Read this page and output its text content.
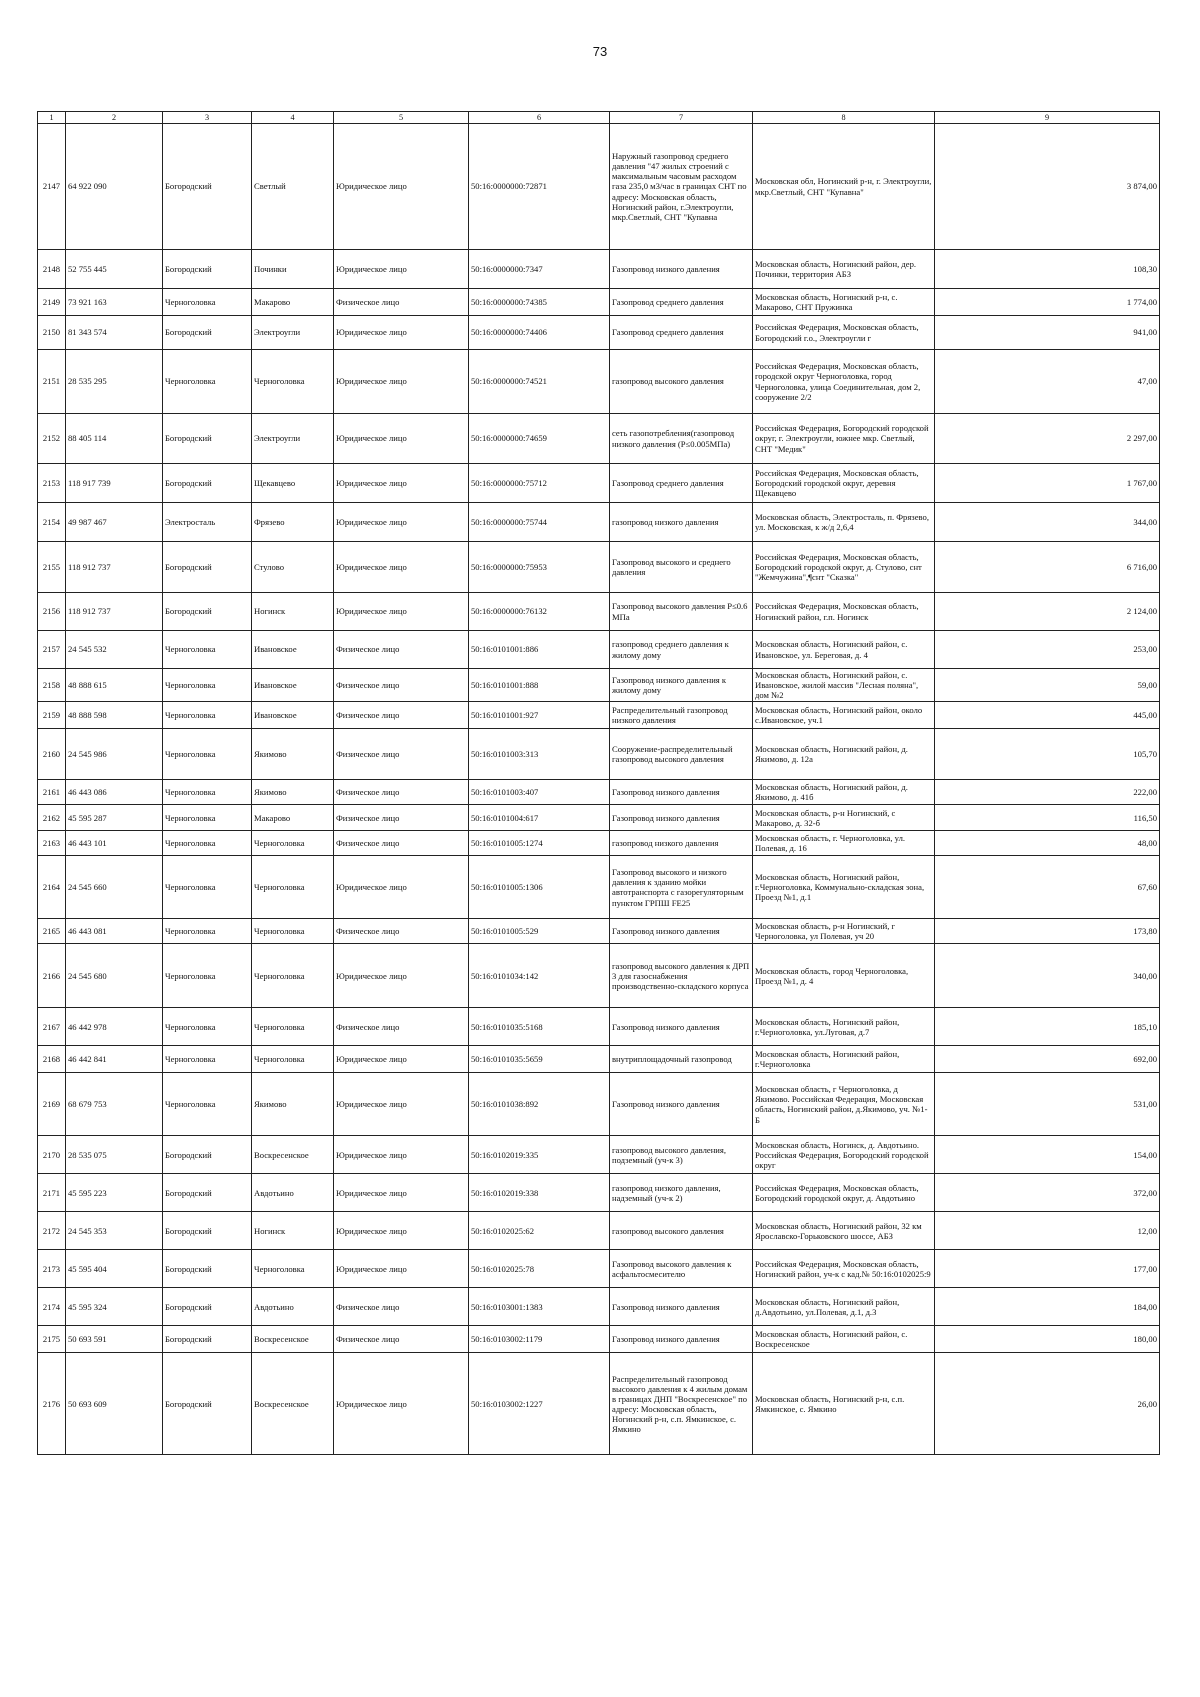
73
1	2	3	4	5	6	7	8	9
2147	64 922 090	Богородский	Светлый	Юридическое лицо	50:16:0000000:72871	Наружный газопровод среднего давления "47 жилых строений с максимальным часовым расходом газа 235,0 м3/час в границах СНТ по адресу: Московская область, Ногинский район, г.Электроугли, мкр.Светлый, СНТ "Купавна	Московская обл, Ногинский р-н, г. Электроугли, мкр.Светлый, СНТ "Купавна"	3 874,00
2148	52 755 445	Богородский	Починки	Юридическое лицо	50:16:0000000:7347	Газопровод низкого давления	Московская область, Ногинский район, дер. Починки, территория АБЗ	108,30
2149	73 921 163	Черноголовка	Макарово	Физическое лицо	50:16:0000000:74385	Газопровод среднего давления	Московская область, Ногинский р-н, с. Макарово, СНТ Пружинка	1 774,00
2150	81 343 574	Богородский	Электроугли	Юридическое лицо	50:16:0000000:74406	Газопровод среднего давления	Российская Федерация, Московская область, Богородский г.о., Электроугли г	941,00
2151	28 535 295	Черноголовка	Черноголовка	Юридическое лицо	50:16:0000000:74521	газопровод высокого давления	Российская Федерация, Московская область, городской округ Черноголовка, город Черноголовка, улица Соединительная, дом 2, сооружение 2/2	47,00
2152	88 405 114	Богородский	Электроугли	Юридическое лицо	50:16:0000000:74659	сеть газопотребления(газопровод низкого давления (P≤0.005МПа)	Российская Федерация, Богородский городской округ, г. Электроугли, южнее мкр. Светлый, СНТ "Медик"	2 297,00
2153	118 917 739	Богородский	Щекавцево	Юридическое лицо	50:16:0000000:75712	Газопровод среднего давления	Российская Федерация, Московская область, Богородский городской округ, деревня Щекавцево	1 767,00
2154	49 987 467	Электросталь	Фрязево	Юридическое лицо	50:16:0000000:75744	газопровод низкого давления	Московская область, Электросталь, п. Фрязево, ул. Московская, к ж/д 2,6,4	344,00
2155	118 912 737	Богородский	Стулово	Юридическое лицо	50:16:0000000:75953	Газопровод высокого и среднего давления	Российская Федерация, Московская область, Богородский городской округ, д. Стулово, снт "Жемчужина",¶снт "Сказка"	6 716,00
2156	118 912 737	Богородский	Ногинск	Юридическое лицо	50:16:0000000:76132	Газопровод высокого давления P≤0.6 МПа	Российская Федерация, Московская область, Ногинский район, г.п. Ногинск	2 124,00
2157	24 545 532	Черноголовка	Ивановское	Физическое лицо	50:16:0101001:886	газопровод среднего давления к жилому дому	Московская область, Ногинский район, с. Ивановское, ул. Береговая, д. 4	253,00
2158	48 888 615	Черноголовка	Ивановское	Физическое лицо	50:16:0101001:888	Газопровод низкого давления к жилому дому	Московская область, Ногинский район, с. Ивановское, жилой массив "Лесная поляна", дом №2	59,00
2159	48 888 598	Черноголовка	Ивановское	Физическое лицо	50:16:0101001:927	Распределительный газопровод низкого давления	Московская область, Ногинский район, около с.Ивановское, уч.1	445,00
2160	24 545 986	Черноголовка	Якимово	Физическое лицо	50:16:0101003:313	Сооружение-распределительный газопровод высокого давления	Московская область, Ногинский район, д. Якимово, д. 12а	105,70
2161	46 443 086	Черноголовка	Якимово	Физическое лицо	50:16:0101003:407	Газопровод низкого давления	Московская область, Ногинский район, д. Якимово, д. 41б	222,00
2162	45 595 287	Черноголовка	Макарово	Физическое лицо	50:16:0101004:617	Газопровод низкого давления	Московская область, р-н Ногинский, с Макарово, д. 32-б	116,50
2163	46 443 101	Черноголовка	Черноголовка	Физическое лицо	50:16:0101005:1274	газопровод низкого давления	Московская область, г. Черноголовка, ул. Полевая, д. 16	48,00
2164	24 545 660	Черноголовка	Черноголовка	Юридическое лицо	50:16:0101005:1306	Газопровод высокого и низкого давления к зданию мойки автотранспорта с газорегуляторным пунктом ГРПШ FE25	Московская область, Ногинский район, г.Черноголовка, Коммунально-складская зона, Проезд №1, д.1	67,60
2165	46 443 081	Черноголовка	Черноголовка	Физическое лицо	50:16:0101005:529	Газопровод низкого давления	Московская область, р-н Ногинский, г Черноголовка, ул Полевая, уч 20	173,80
2166	24 545 680	Черноголовка	Черноголовка	Юридическое лицо	50:16:0101034:142	газопровод высокого давления к ДРП 3 для газоснабжения производственно-складского корпуса	Московская область, город Черноголовка, Проезд №1, д. 4	340,00
2167	46 442 978	Черноголовка	Черноголовка	Физическое лицо	50:16:0101035:5168	Газопровод низкого давления	Московская область, Ногинский район, г.Черноголовка, ул.Луговая, д.7	185,10
2168	46 442 841	Черноголовка	Черноголовка	Юридическое лицо	50:16:0101035:5659	внутриплощадочный газопровод	Московская область, Ногинский район, г.Черноголовка	692,00
2169	68 679 753	Черноголовка	Якимово	Юридическое лицо	50:16:0101038:892	Газопровод низкого давления	Московская область, г Черноголовка, д Якимово. Российская Федерация, Московская область, Ногинский район, д.Якимово, уч. №1-Б	531,00
2170	28 535 075	Богородский	Воскресенское	Юридическое лицо	50:16:0102019:335	газопровод высокого давления, подземный (уч-к 3)	Московская область, Ногинск, д. Авдотьино. Российская Федерация, Богородский городской округ	154,00
2171	45 595 223	Богородский	Авдотьино	Юридическое лицо	50:16:0102019:338	газопровод низкого давления, надземный (уч-к 2)	Российская Федерация, Московская область, Богородский городской округ, д. Авдотьино	372,00
2172	24 545 353	Богородский	Ногинск	Юридическое лицо	50:16:0102025:62	газопровод высокого давления	Московская область, Ногинский район, 32 км Ярославско-Горьковского шоссе, АБЗ	12,00
2173	45 595 404	Богородский	Черноголовка	Юридическое лицо	50:16:0102025:78	Газопровод высокого давления к асфальтосмесителю	Российская Федерация, Московская область, Ногинский район, уч-к с кад.№ 50:16:0102025:9	177,00
2174	45 595 324	Богородский	Авдотьино	Физическое лицо	50:16:0103001:1383	Газопровод низкого давления	Московская область, Ногинский район, д.Авдотьино, ул.Полевая, д.1, д.3	184,00
2175	50 693 591	Богородский	Воскресенское	Физическое лицо	50:16:0103002:1179	Газопровод низкого давления	Московская область, Ногинский район, с. Воскресенское	180,00
2176	50 693 609	Богородский	Воскресенское	Юридическое лицо	50:16:0103002:1227	Распределительный газопровод высокого давления к 4 жилым домам в границах ДНП "Воскресенское" по адресу: Московская область, Ногинский р-н, с.п. Ямкинское, с. Ямкино	Московская область, Ногинский р-н, с.п. Ямкинское, с. Ямкино	26,00
